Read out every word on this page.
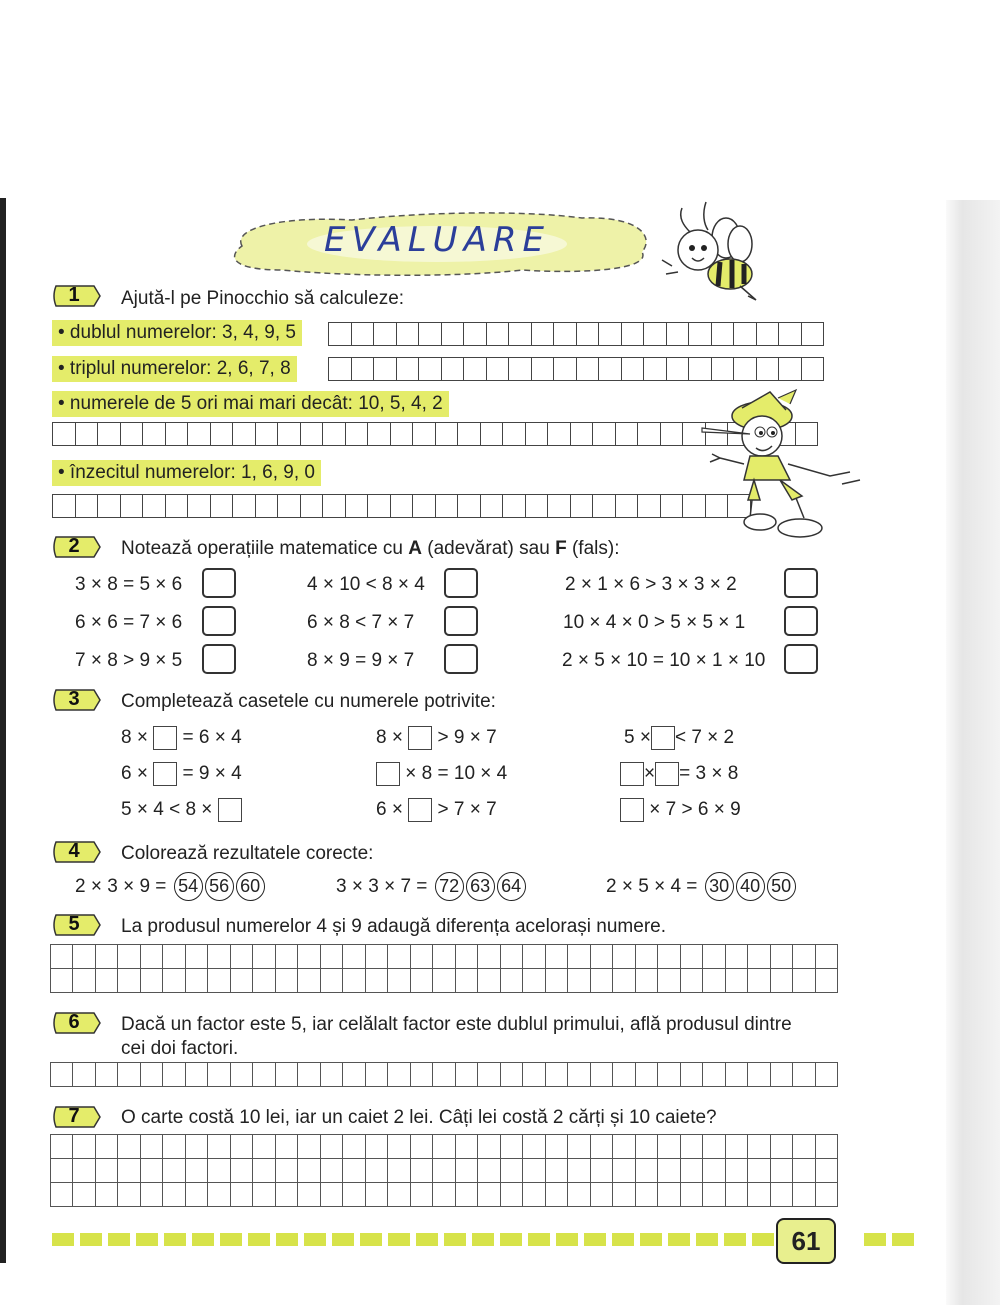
EVALUARE
1	Ajută-l pe Pinocchio să calculeze:
• dublul numerelor: 3, 4, 9, 5
• triplul numerelor: 2, 6, 7, 8
• numerele de 5 ori mai mari decât: 10, 5, 4, 2
• înzecitul numerelor: 1, 6, 9, 0
2	Notează operațiile matematice cu A (adevărat) sau F (fals):
3 × 8 = 5 × 6	4 × 10 < 8 × 4	2 × 1 × 6 > 3 × 3 × 2
6 × 6 = 7 × 6	6 × 8 < 7 × 7	10 × 4 × 0 > 5 × 5 × 1
7 × 8 > 9 × 5	8 × 9 = 9 × 7	2 × 5 × 10 = 10 × 1 × 10
3	Completează casetele cu numerele potrivite:
8 × = 6 × 4	8 × > 9 × 7	5 × < 7 × 2
6 × = 9 × 4	× 8 = 10 × 4	× = 3 × 8
5 × 4 < 8 ×	6 × > 7 × 7	× 7 > 6 × 9
4	Colorează rezultatele corecte:
2 × 3 × 9 = 54 56 60	3 × 3 × 7 = 72 63 64	2 × 5 × 4 = 30 40 50
5	La produsul numerelor 4 și 9 adaugă diferența acelorași numere.
6	Dacă un factor este 5, iar celălalt factor este dublul primului, află produsul dintre
cei doi factori.
7	O carte costă 10 lei, iar un caiet 2 lei. Câți lei costă 2 cărți și 10 caiete?
61
